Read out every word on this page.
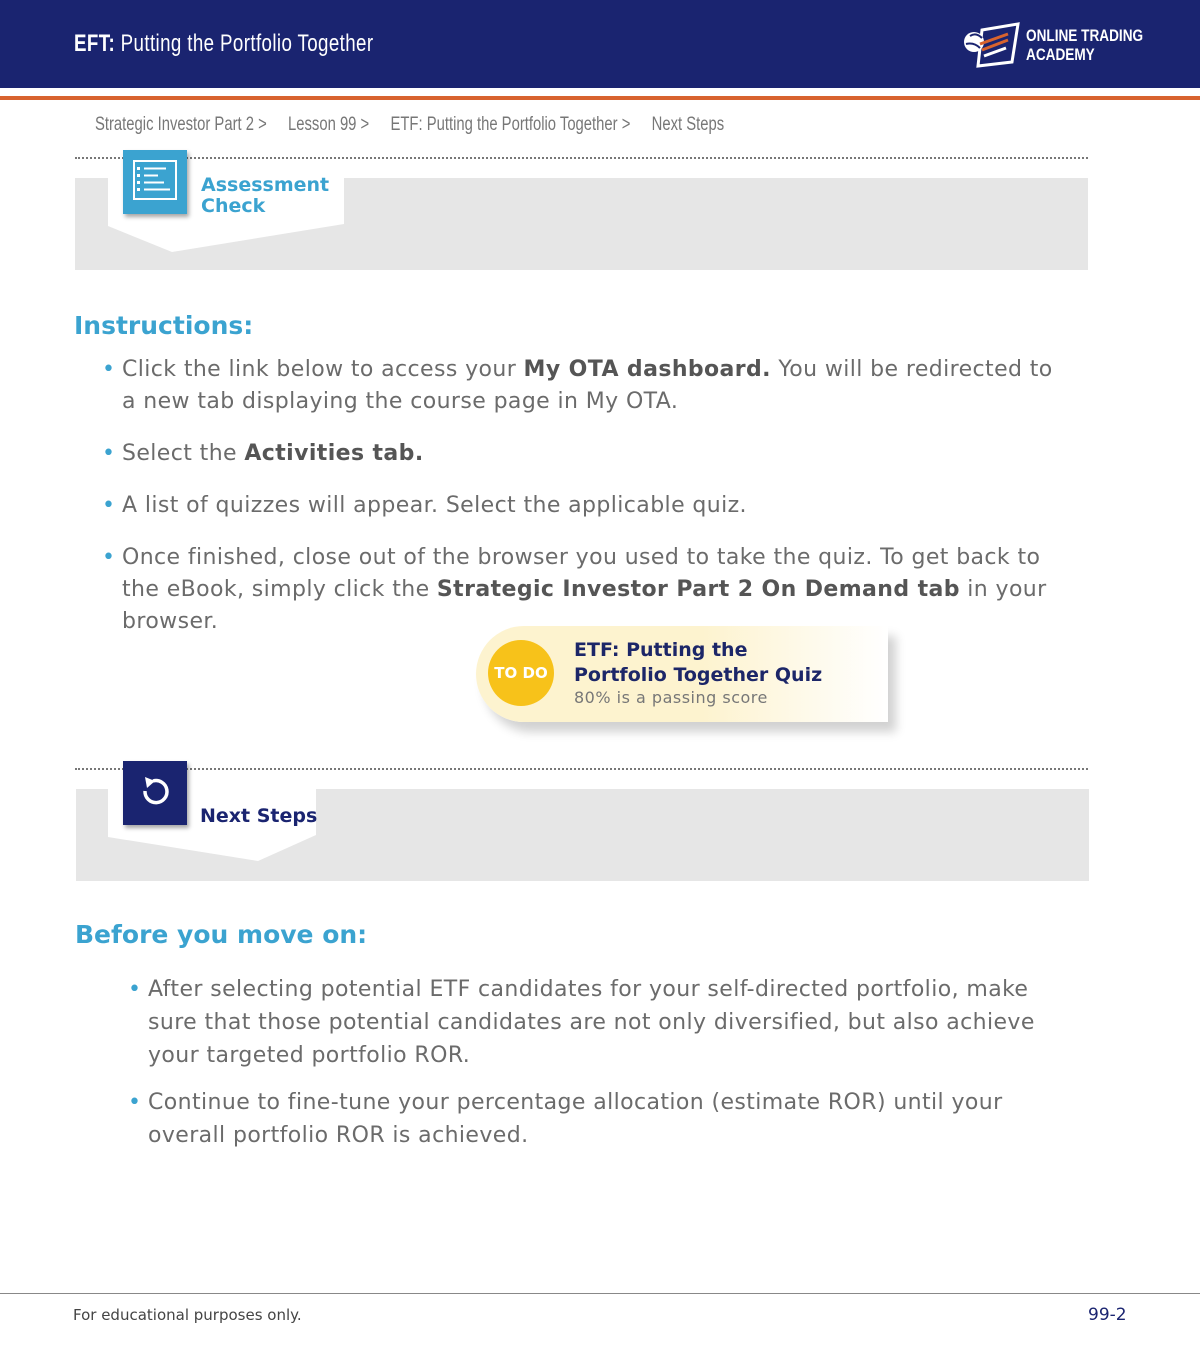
EFT: Putting the Portfolio Together	ONLINE TRADING
ACADEMY
Strategic Investor Part 2 > Lesson 99 > ETF: Putting the Portfolio Together > Next Steps
Assessment
Check
Instructions:
• Click the link below to access your My OTA dashboard. You will be redirected to a new tab displaying the course page in My OTA.
• Select the Activities tab.
• A list of quizzes will appear. Select the applicable quiz.
• Once finished, close out of the browser you used to take the quiz. To get back to the eBook, simply click the Strategic Investor Part 2 On Demand tab in your browser.
TO DO
ETF: Putting the
Portfolio Together Quiz
80% is a passing score
Next Steps
Before you move on:
• After selecting potential ETF candidates for your self-directed portfolio, make sure that those potential candidates are not only diversified, but also achieve your targeted portfolio ROR.
• Continue to fine-tune your percentage allocation (estimate ROR) until your overall portfolio ROR is achieved.
For educational purposes only.	99-2
